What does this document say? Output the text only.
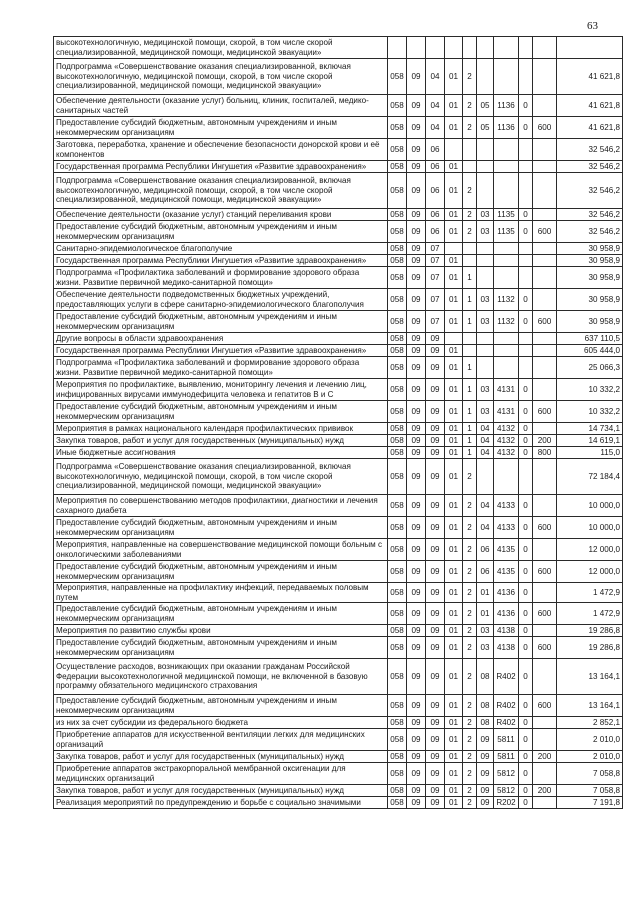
63
высокотехнологичную, медицинской помощи, скорой, в том числе скорой специализированной, медицинской помощи, медицинской эвакуации»										
Подпрограмма «Совершенствование оказания специализированной, включая высокотехнологичную, медицинской помощи, скорой, в том числе скорой специализированной, медицинской помощи, медицинской эвакуации»	058	09	04	01	2					41 621,8
Обеспечение деятельности (оказание услуг) больниц, клиник, госпиталей, медико-санитарных частей	058	09	04	01	2	05	1136	0		41 621,8
Предоставление субсидий бюджетным, автономным учреждениям и иным некоммерческим организациям	058	09	04	01	2	05	1136	0	600	41 621,8
Заготовка, переработка, хранение и обеспечение безопасности донорской крови и её компонентов	058	09	06							32 546,2
Государственная программа Республики Ингушетия «Развитие здравоохранения»	058	09	06	01						32 546,2
Подпрограмма «Совершенствование оказания специализированной, включая высокотехнологичную, медицинской помощи, скорой, в том числе скорой специализированной, медицинской помощи, медицинской эвакуации»	058	09	06	01	2					32 546,2
Обеспечение деятельности (оказание услуг) станций переливания крови	058	09	06	01	2	03	1135	0		32 546,2
Предоставление субсидий бюджетным, автономным учреждениям и иным некоммерческим организациям	058	09	06	01	2	03	1135	0	600	32 546,2
Санитарно-эпидемиологическое благополучие	058	09	07							30 958,9
Государственная программа Республики Ингушетия «Развитие здравоохранения»	058	09	07	01						30 958,9
Подпрограмма «Профилактика заболеваний и формирование здорового образа жизни. Развитие первичной медико-санитарной помощи»	058	09	07	01	1					30 958,9
Обеспечение деятельности подведомственных бюджетных учреждений, предоставляющих услуги в сфере санитарно-эпидемиологического благополучия	058	09	07	01	1	03	1132	0		30 958,9
Предоставление субсидий бюджетным, автономным учреждениям и иным некоммерческим организациям	058	09	07	01	1	03	1132	0	600	30 958,9
Другие вопросы в области здравоохранения	058	09	09							637 110,5
Государственная программа Республики Ингушетия «Развитие здравоохранения»	058	09	09	01						605 444,0
Подпрограмма «Профилактика заболеваний и формирование здорового образа жизни. Развитие первичной медико-санитарной помощи»	058	09	09	01	1					25 066,3
Мероприятия по профилактике, выявлению, мониторингу лечения и лечению лиц, инфицированных вирусами иммунодефицита человека и гепатитов В и С	058	09	09	01	1	03	4131	0		10 332,2
Предоставление субсидий бюджетным, автономным учреждениям и иным некоммерческим организациям	058	09	09	01	1	03	4131	0	600	10 332,2
Мероприятия в рамках национального календаря профилактических прививок	058	09	09	01	1	04	4132	0		14 734,1
Закупка товаров, работ и услуг для государственных (муниципальных) нужд	058	09	09	01	1	04	4132	0	200	14 619,1
Иные бюджетные ассигнования	058	09	09	01	1	04	4132	0	800	115,0
Подпрограмма «Совершенствование оказания специализированной, включая высокотехнологичную, медицинской помощи, скорой, в том числе скорой специализированной, медицинской помощи, медицинской эвакуации»	058	09	09	01	2					72 184,4
Мероприятия по совершенствованию методов профилактики, диагностики и лечения сахарного диабета	058	09	09	01	2	04	4133	0		10 000,0
Предоставление субсидий бюджетным, автономным учреждениям и иным некоммерческим организациям	058	09	09	01	2	04	4133	0	600	10 000,0
Мероприятия, направленные на совершенствование медицинской помощи больным с онкологическими заболеваниями	058	09	09	01	2	06	4135	0		12 000,0
Предоставление субсидий бюджетным, автономным учреждениям и иным некоммерческим организациям	058	09	09	01	2	06	4135	0	600	12 000,0
Мероприятия, направленные на профилактику инфекций, передаваемых половым путем	058	09	09	01	2	01	4136	0		1 472,9
Предоставление субсидий бюджетным, автономным учреждениям и иным некоммерческим организациям	058	09	09	01	2	01	4136	0	600	1 472,9
Мероприятия по развитию службы крови	058	09	09	01	2	03	4138	0		19 286,8
Предоставление субсидий бюджетным, автономным учреждениям и иным некоммерческим организациям	058	09	09	01	2	03	4138	0	600	19 286,8
Осуществление расходов, возникающих при оказании гражданам Российской Федерации высокотехнологичной медицинской помощи, не включенной в базовую программу обязательного медицинского страхования	058	09	09	01	2	08	R402	0		13 164,1
Предоставление субсидий бюджетным, автономным учреждениям и иным некоммерческим организациям	058	09	09	01	2	08	R402	0	600	13 164,1
из них за счет субсидии из федерального бюджета	058	09	09	01	2	08	R402	0		2 852,1
Приобретение аппаратов для искусственной вентиляции легких для медицинских организаций	058	09	09	01	2	09	5811	0		2 010,0
Закупка товаров, работ и услуг для государственных (муниципальных) нужд	058	09	09	01	2	09	5811	0	200	2 010,0
Приобретение аппаратов экстракорпоральной мембранной оксигенации для медицинских организаций	058	09	09	01	2	09	5812	0		7 058,8
Закупка товаров, работ и услуг для государственных (муниципальных) нужд	058	09	09	01	2	09	5812	0	200	7 058,8
Реализация мероприятий по предупреждению и борьбе с социально значимыми	058	09	09	01	2	09	R202	0		7 191,8
